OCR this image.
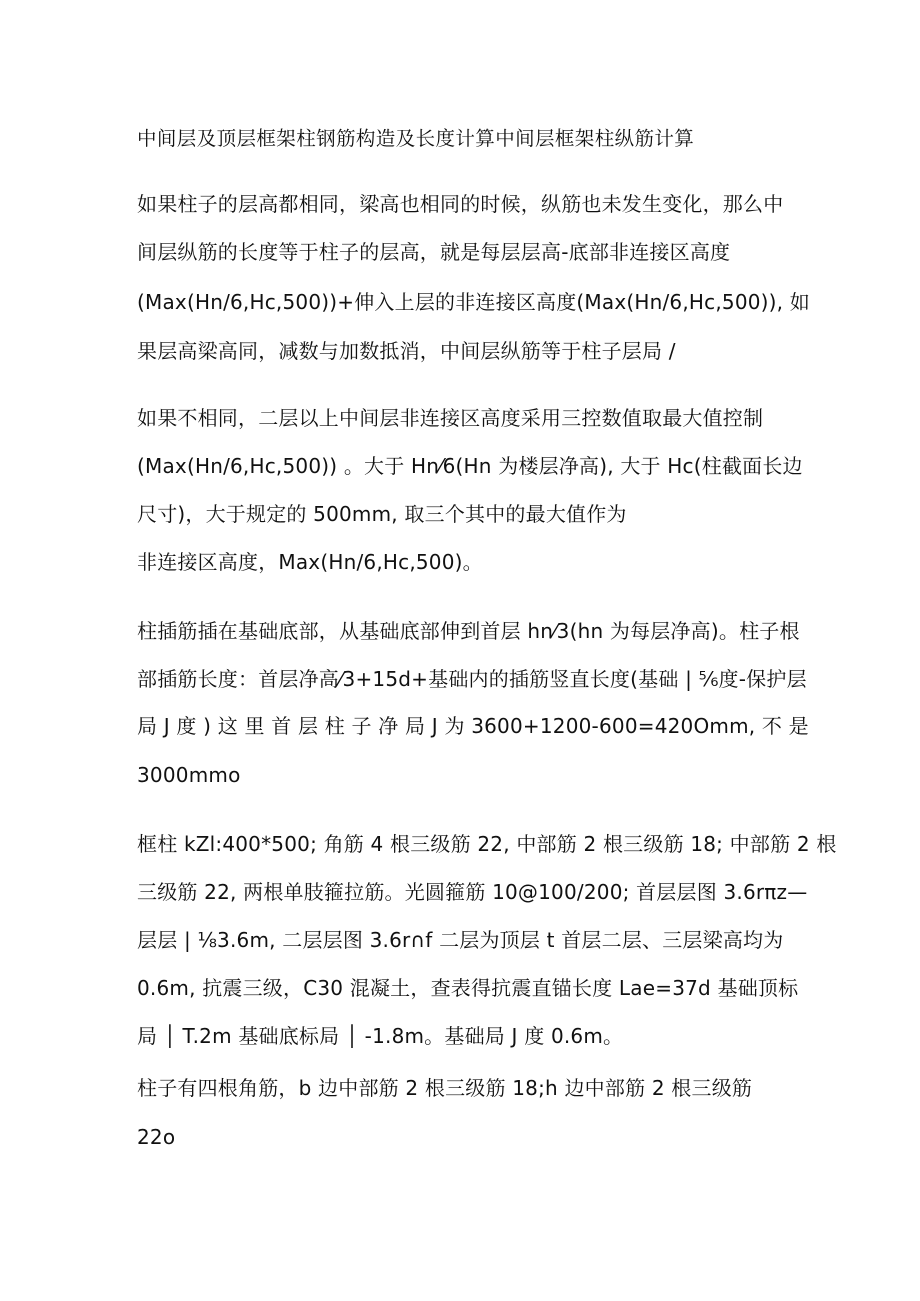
中间层及顶层框架柱钢筋构造及长度计算中间层框架柱纵筋计算
如果柱子的层高都相同，梁高也相同的时候，纵筋也未发生变化，那么中
间层纵筋的长度等于柱子的层高，就是每层层高-底部非连接区高度
(Max(Hn/6,Hc,500))+伸入上层的非连接区高度(Max(Hn/6,Hc,500)), 如
果层高梁高同，减数与加数抵消，中间层纵筋等于柱子层局 /
如果不相同，二层以上中间层非连接区高度采用三控数值取最大值控制
(Max(Hn/6,Hc,500)) 。大于 Hn⁄6(Hn 为楼层净高), 大于 Hc(柱截面长边
尺寸)，大于规定的 500mm, 取三个其中的最大值作为
非连接区高度，Max(Hn/6,Hc,500)。
柱插筋插在基础底部，从基础底部伸到首层 hn⁄3(hn 为每层净高)。柱子根
部插筋长度：首层净高⁄3+15d+基础内的插筋竖直长度(基础 | ⁵⁄₆度-保护层
局 J 度 ) 这 里 首 层 柱 子 净 局 J 为 3600+1200-600=420Omm, 不 是
3000mmo
框柱 kZl:400*500; 角筋 4 根三级筋 22, 中部筋 2 根三级筋 18; 中部筋 2 根
三级筋 22, 两根单肢箍拉筋。光圆箍筋 10@100/200; 首层层图 3.6rπz—
层层 | ⅛3.6m, 二层层图 3.6r∩f 二层为顶层 t 首层二层、三层梁高均为
0.6m, 抗震三级，C30 混凝土，查表得抗震直锚长度 Lae=37d 基础顶标
局 │ T.2m 基础底标局 │ -1.8m。基础局 J 度 0.6m。
柱子有四根角筋，b 边中部筋 2 根三级筋 18;h 边中部筋 2 根三级筋
22o
